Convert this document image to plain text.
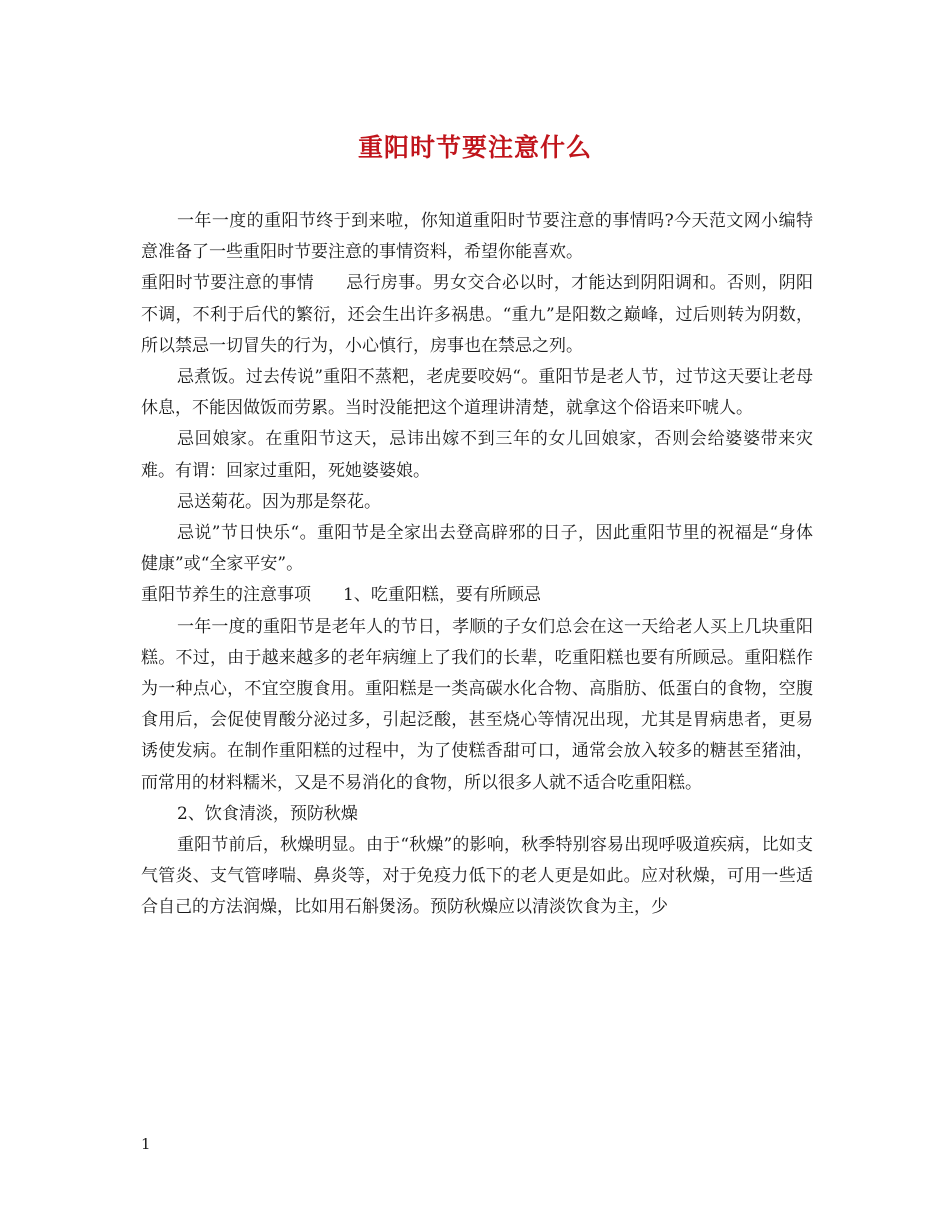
重阳时节要注意什么

一年一度的重阳节终于到来啦，你知道重阳时节要注意的事情吗?今天范文网小编特意准备了一些重阳时节要注意的事情资料，希望你能喜欢。

重阳时节要注意的事情 忌行房事。男女交合必以时，才能达到阴阳调和。否则，阴阳不调，不利于后代的繁衍，还会生出许多祸患。“重九”是阳数之巅峰，过后则转为阴数，所以禁忌一切冒失的行为，小心慎行，房事也在禁忌之列。

忌煮饭。过去传说”重阳不蒸粑，老虎要咬妈“。重阳节是老人节，过节这天要让老母休息，不能因做饭而劳累。当时没能把这个道理讲清楚，就拿这个俗语来吓唬人。

忌回娘家。在重阳节这天，忌讳出嫁不到三年的女儿回娘家，否则会给婆婆带来灾难。有谓：回家过重阳，死她婆婆娘。

忌送菊花。因为那是祭花。

忌说”节日快乐“。重阳节是全家出去登高辟邪的日子，因此重阳节里的祝福是“身体健康”或“全家平安”。

重阳节养生的注意事项 1、吃重阳糕，要有所顾忌

一年一度的重阳节是老年人的节日，孝顺的子女们总会在这一天给老人买上几块重阳糕。不过，由于越来越多的老年病缠上了我们的长辈，吃重阳糕也要有所顾忌。重阳糕作为一种点心，不宜空腹食用。重阳糕是一类高碳水化合物、高脂肪、低蛋白的食物，空腹食用后，会促使胃酸分泌过多，引起泛酸，甚至烧心等情况出现，尤其是胃病患者，更易诱使发病。在制作重阳糕的过程中，为了使糕香甜可口，通常会放入较多的糖甚至猪油，而常用的材料糯米，又是不易消化的食物，所以很多人就不适合吃重阳糕。

2、饮食清淡，预防秋燥

重阳节前后，秋燥明显。由于“秋燥”的影响，秋季特别容易出现呼吸道疾病，比如支气管炎、支气管哮喘、鼻炎等，对于免疫力低下的老人更是如此。应对秋燥，可用一些适合自己的方法润燥，比如用石斛煲汤。预防秋燥应以清淡饮食为主，少

1
